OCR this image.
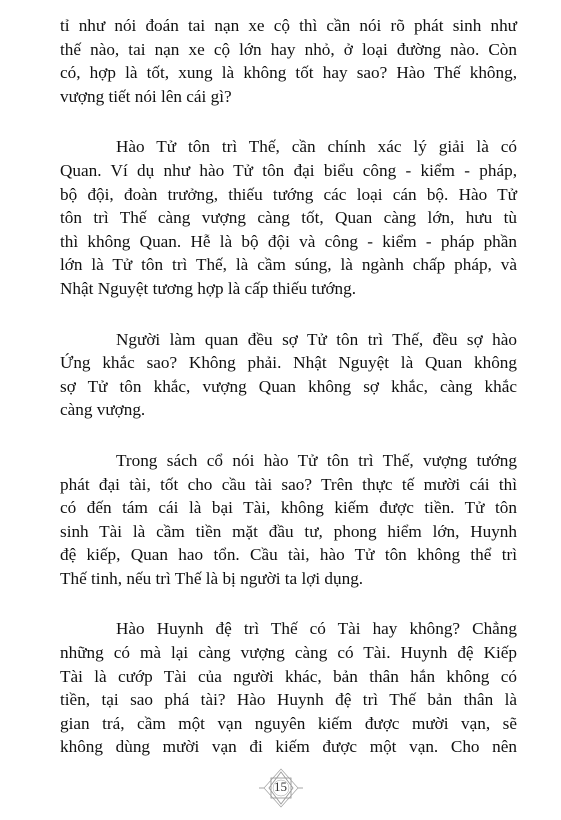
tỉ như nói đoán tai nạn xe cộ thì cần nói rõ phát sinh như
thế nào, tai nạn xe cộ lớn hay nhỏ, ở loại đường nào. Còn
có, hợp là tốt, xung là không tốt hay sao? Hào Thế không,
vượng tiết nói lên cái gì?

Hào Tử tôn trì Thế, cần chính xác lý giải là có
Quan. Ví dụ như hào Tử tôn đại biểu công - kiểm - pháp,
bộ đội, đoàn trưởng, thiếu tướng các loại cán bộ. Hào Tử
tôn trì Thế càng vượng càng tốt, Quan càng lớn, hưu tù
thì không Quan. Hễ là bộ đội và công - kiểm - pháp phần
lớn là Tử tôn trì Thế, là cầm súng, là ngành chấp pháp, và
Nhật Nguyệt tương hợp là cấp thiếu tướng.

Người làm quan đều sợ Tử tôn trì Thế, đều sợ hào
Ứng khắc sao? Không phải. Nhật Nguyệt là Quan không
sợ Tử tôn khắc, vượng Quan không sợ khắc, càng khắc
càng vượng.

Trong sách cổ nói hào Tử tôn trì Thế, vượng tướng
phát đại tài, tốt cho cầu tài sao? Trên thực tế mười cái thì
có đến tám cái là bại Tài, không kiếm được tiền. Tử tôn
sinh Tài là cầm tiền mặt đầu tư, phong hiểm lớn, Huynh
đệ kiếp, Quan hao tổn. Cầu tài, hào Tử tôn không thể trì
Thế tinh, nếu trì Thế là bị người ta lợi dụng.

Hào Huynh đệ trì Thế có Tài hay không? Chẳng
những có mà lại càng vượng càng có Tài. Huynh đệ Kiếp
Tài là cướp Tài của người khác, bản thân hắn không có
tiền, tại sao phá tài? Hào Huynh đệ trì Thế bản thân là
gian trá, cầm một vạn nguyên kiếm được mười vạn, sẽ
không dùng mười vạn đi kiếm được một vạn. Cho nên

15
